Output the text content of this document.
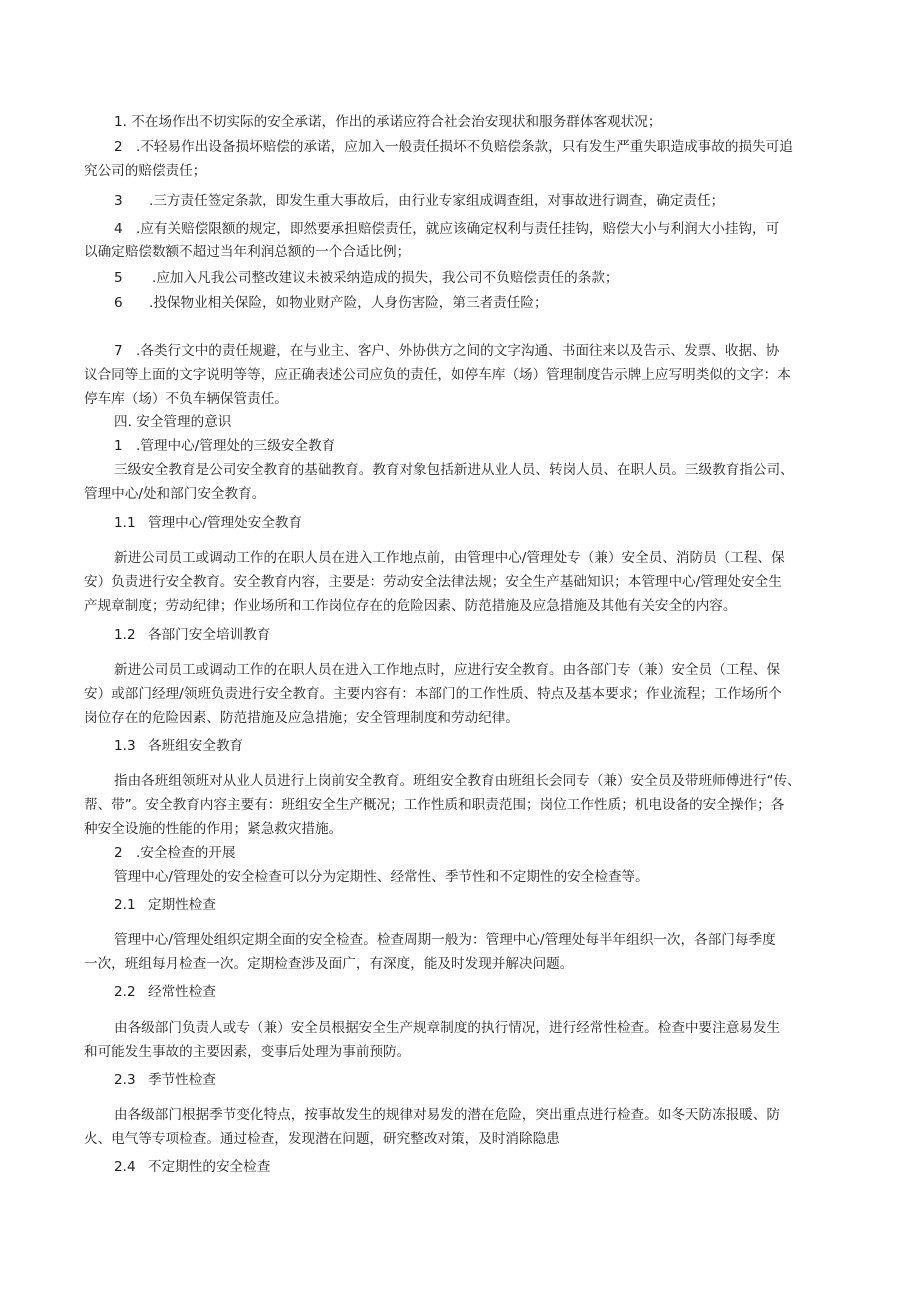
1. 不在场作出不切实际的安全承诺，作出的承诺应符合社会治安现状和服务群体客观状况；

2 .不轻易作出设备损坏赔偿的承诺，应加入一般责任损坏不负赔偿条款，只有发生严重失职造成事故的损失可追

究公司的赔偿责任；

3 .三方责任签定条款，即发生重大事故后，由行业专家组成调查组，对事故进行调查，确定责任；

4 .应有关赔偿限额的规定，即然要承担赔偿责任，就应该确定权利与责任挂钩，赔偿大小与利润大小挂钩，可

以确定赔偿数额不超过当年利润总额的一个合适比例；

5 .应加入凡我公司整改建议未被采纳造成的损失，我公司不负赔偿责任的条款；

6 .投保物业相关保险，如物业财产险，人身伤害险，第三者责任险；

7 .各类行文中的责任规避，在与业主、客户、外协供方之间的文字沟通、书面往来以及告示、发票、收据、协

议合同等上面的文字说明等等，应正确表述公司应负的责任，如停车库（场）管理制度告示牌上应写明类似的文字：本

停车库（场）不负车辆保管责任。

四. 安全管理的意识

1 .管理中心/管理处的三级安全教育

三级安全教育是公司安全教育的基础教育。教育对象包括新进从业人员、转岗人员、在职人员。三级教育指公司、

管理中心/处和部门安全教育。

1.1 管理中心/管理处安全教育

新进公司员工或调动工作的在职人员在进入工作地点前，由管理中心/管理处专（兼）安全员、消防员（工程、保

安）负责进行安全教育。安全教育内容，主要是：劳动安全法律法规；安全生产基础知识；本管理中心/管理处安全生

产规章制度；劳动纪律；作业场所和工作岗位存在的危险因素、防范措施及应急措施及其他有关安全的内容。

1.2 各部门安全培训教育

新进公司员工或调动工作的在职人员在进入工作地点时，应进行安全教育。由各部门专（兼）安全员（工程、保

安）或部门经理/领班负责进行安全教育。主要内容有：本部门的工作性质、特点及基本要求；作业流程；工作场所个

岗位存在的危险因素、防范措施及应急措施；安全管理制度和劳动纪律。

1.3 各班组安全教育

指由各班组领班对从业人员进行上岗前安全教育。班组安全教育由班组长会同专（兼）安全员及带班师傅进行“传、

帮、带”。安全教育内容主要有：班组安全生产概况；工作性质和职责范围；岗位工作性质；机电设备的安全操作；各

种安全设施的性能的作用；紧急救灾措施。

2 .安全检查的开展

管理中心/管理处的安全检查可以分为定期性、经常性、季节性和不定期性的安全检查等。

2.1 定期性检查

管理中心/管理处组织定期全面的安全检查。检查周期一般为：管理中心/管理处每半年组织一次，各部门每季度

一次，班组每月检查一次。定期检查涉及面广，有深度，能及时发现并解决问题。

2.2 经常性检查

由各级部门负责人或专（兼）安全员根据安全生产规章制度的执行情况，进行经常性检查。检查中要注意易发生

和可能发生事故的主要因素，变事后处理为事前预防。

2.3 季节性检查

由各级部门根据季节变化特点，按事故发生的规律对易发的潜在危险，突出重点进行检查。如冬天防冻报暖、防

火、电气等专项检查。通过检查，发现潜在问题，研究整改对策，及时消除隐患

2.4 不定期性的安全检查
